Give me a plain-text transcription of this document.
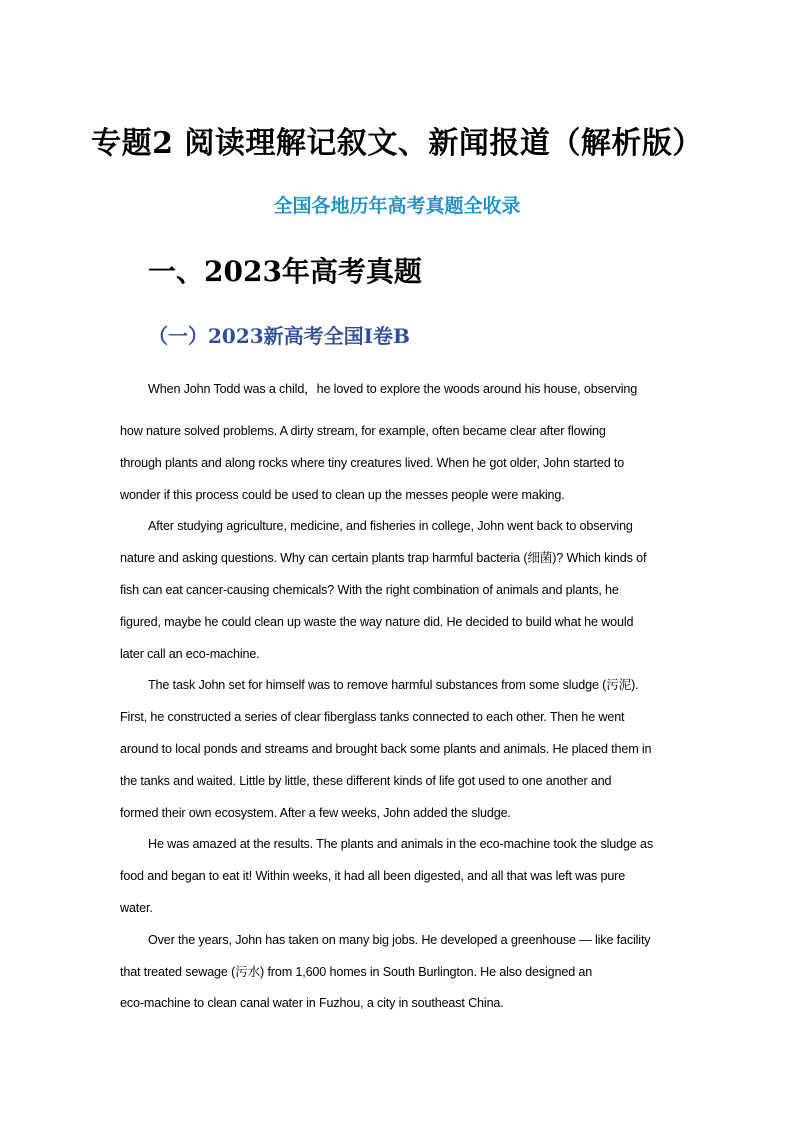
专题2 阅读理解记叙文、新闻报道（解析版）
全国各地历年高考真题全收录
一、2023年高考真题
（一）2023新高考全国Ⅰ卷B
When John Todd was a child，he loved to explore the woods around his house, observing
how nature solved problems. A dirty stream, for example, often became clear after flowing
through plants and along rocks where tiny creatures lived. When he got older, John started to
wonder if this process could be used to clean up the messes people were making.
After studying agriculture, medicine, and fisheries in college, John went back to observing
nature and asking questions. Why can certain plants trap harmful bacteria (细菌)? Which kinds of
fish can eat cancer-causing chemicals? With the right combination of animals and plants, he
figured, maybe he could clean up waste the way nature did. He decided to build what he would
later call an eco-machine.
The task John set for himself was to remove harmful substances from some sludge (污泥).
First, he constructed a series of clear fiberglass tanks connected to each other. Then he went
around to local ponds and streams and brought back some plants and animals. He placed them in
the tanks and waited. Little by little, these different kinds of life got used to one another and
formed their own ecosystem. After a few weeks, John added the sludge.
He was amazed at the results. The plants and animals in the eco-machine took the sludge as
food and began to eat it! Within weeks, it had all been digested, and all that was left was pure
water.
Over the years, John has taken on many big jobs. He developed a greenhouse — like facility
that treated sewage (污水) from 1,600 homes in South Burlington. He also designed an
eco-machine to clean canal water in Fuzhou, a city in southeast China.
